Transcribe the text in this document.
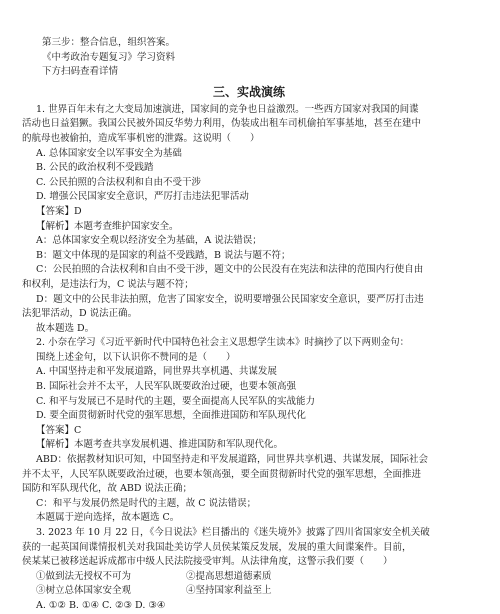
第三步：整合信息，组织答案。
《中考政治专题复习》学习资料
下方扫码查看详情
三、实战演练
1. 世界百年未有之大变局加速演进，国家间的竞争也日益激烈。一些西方国家对我国的间谍
活动也日益猖獗。我国公民被外国反华势力利用，伪装成出租车司机偷拍军事基地，甚至在建中
的航母也被偷拍，造成军事机密的泄露。这说明（　　）
A. 总体国家安全以军事安全为基础
B. 公民的政治权利不受践踏
C. 公民拍照的合法权利和自由不受干涉
D. 增强公民国家安全意识，严厉打击违法犯罪活动
【答案】D
【解析】本题考查维护国家安全。
A：总体国家安全观以经济安全为基础，A 说法错误；
B：题文中体现的是国家的利益不受践踏，B 说法与题不符；
C：公民拍照的合法权利和自由不受干涉，题文中的公民没有在宪法和法律的范围内行使自由
和权利，是违法行为，C 说法与题不符；
D：题文中的公民非法拍照，危害了国家安全，说明要增强公民国家安全意识，要严厉打击违
法犯罪活动，D 说法正确。
故本题选 D。
2. 小奈在学习《习近平新时代中国特色社会主义思想学生读本》时摘抄了以下两则金句：
围绕上述金句，以下认识你不赞同的是（　　）
A. 中国坚持走和平发展道路，同世界共享机遇、共谋发展
B. 国际社会并不太平，人民军队既要政治过硬，也要本领高强
C. 和平与发展已不是时代的主题，要全面提高人民军队的实战能力
D. 要全面贯彻新时代党的强军思想，全面推进国防和军队现代化
【答案】C
【解析】本题考查共享发展机遇、推进国防和军队现代化。
ABD：依据教材知识可知，中国坚持走和平发展道路，同世界共享机遇、共谋发展，国际社会
并不太平，人民军队既要政治过硬，也要本领高强，要全面贯彻新时代党的强军思想，全面推进
国防和军队现代化，故 ABD 说法正确；
C：和平与发展仍然是时代的主题，故 C 说法错误；
本题属于逆向选择，故本题选 C。
3. 2023 年 10 月 22 日，《今日说法》栏目播出的《迷失境外》披露了四川省国家安全机关破
获的一起英国间谍情报机关对我国赴美访学人员侯某策反发展，发展的重大间谍案件。目前，
侯某某已被移送起诉成都市中级人民法院接受审判。从法律角度，这警示我们要（　　）
①做到法无授权不可为	②提高思想道德素质
③树立总体国家安全观	④坚持国家利益至上
A. ①② B. ①④ C. ②③ D. ③④
